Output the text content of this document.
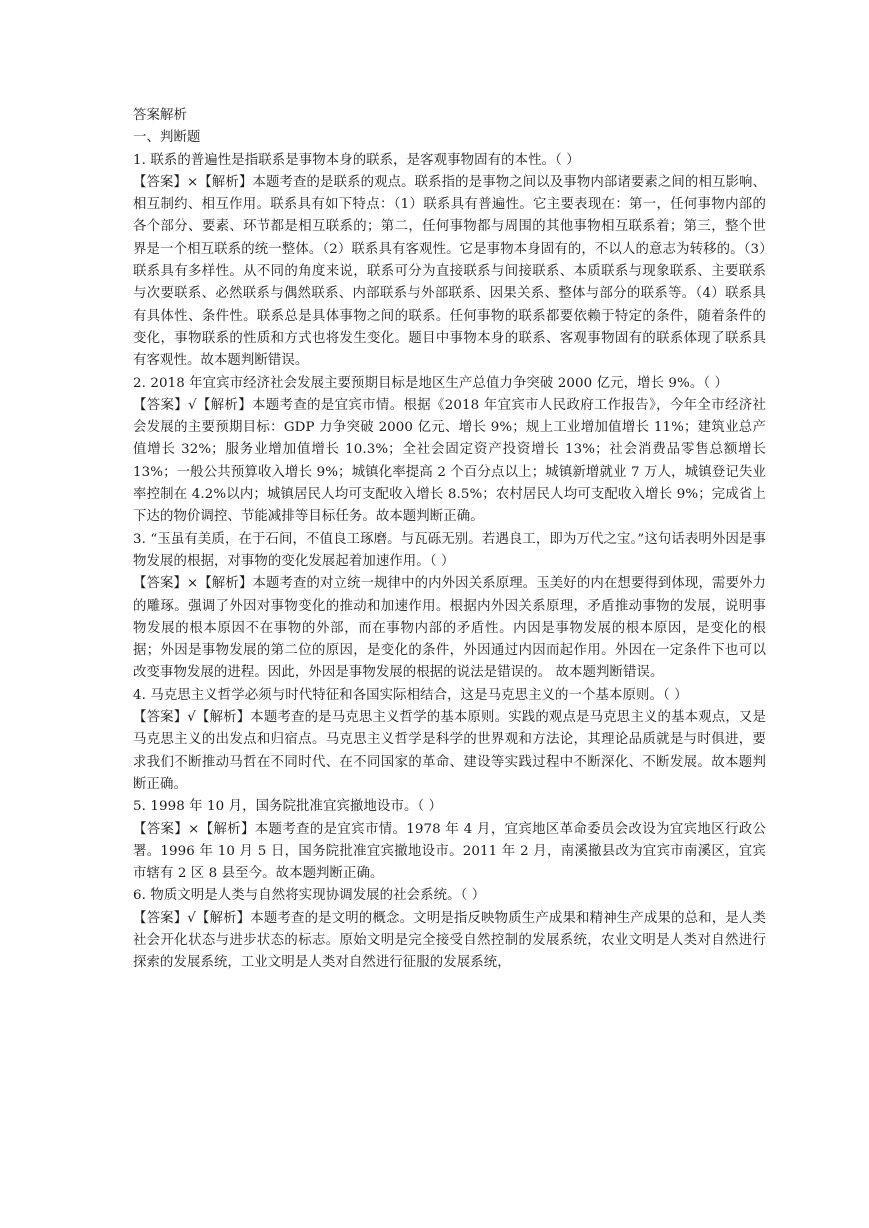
答案解析

一、判断题

1. 联系的普遍性是指联系是事物本身的联系，是客观事物固有的本性。（ ）

【答案】×【解析】本题考查的是联系的观点。联系指的是事物之间以及事物内部诸要素之间的相互影响、相互制约、相互作用。联系具有如下特点：（1）联系具有普遍性。它主要表现在：第一，任何事物内部的各个部分、要素、环节都是相互联系的；第二，任何事物都与周围的其他事物相互联系着；第三，整个世界是一个相互联系的统一整体。（2）联系具有客观性。它是事物本身固有的，不以人的意志为转移的。（3）联系具有多样性。从不同的角度来说，联系可分为直接联系与间接联系、本质联系与现象联系、主要联系与次要联系、必然联系与偶然联系、内部联系与外部联系、因果关系、整体与部分的联系等。（4）联系具有具体性、条件性。联系总是具体事物之间的联系。任何事物的联系都要依赖于特定的条件，随着条件的变化，事物联系的性质和方式也将发生变化。题目中事物本身的联系、客观事物固有的联系体现了联系具有客观性。故本题判断错误。

2. 2018 年宜宾市经济社会发展主要预期目标是地区生产总值力争突破 2000 亿元，增长 9%。（ ）

【答案】√【解析】本题考查的是宜宾市情。根据《2018 年宜宾市人民政府工作报告》，今年全市经济社会发展的主要预期目标：GDP 力争突破 2000 亿元、增长 9%；规上工业增加值增长 11%；建筑业总产值增长 32%；服务业增加值增长 10.3%；全社会固定资产投资增长 13%；社会消费品零售总额增长 13%；一般公共预算收入增长 9%；城镇化率提高 2 个百分点以上；城镇新增就业 7 万人，城镇登记失业率控制在 4.2%以内；城镇居民人均可支配收入增长 8.5%；农村居民人均可支配收入增长 9%；完成省上下达的物价调控、节能减排等目标任务。故本题判断正确。

3. “玉虽有美质，在于石间，不值良工琢磨。与瓦砾无别。若遇良工，即为万代之宝。”这句话表明外因是事物发展的根据，对事物的变化发展起着加速作用。（ ）

【答案】×【解析】本题考查的对立统一规律中的内外因关系原理。玉美好的内在想要得到体现，需要外力的雕琢。强调了外因对事物变化的推动和加速作用。根据内外因关系原理，矛盾推动事物的发展，说明事物发展的根本原因不在事物的外部，而在事物内部的矛盾性。内因是事物发展的根本原因，是变化的根据；外因是事物发展的第二位的原因，是变化的条件，外因通过内因而起作用。外因在一定条件下也可以改变事物发展的进程。因此，外因是事物发展的根据的说法是错误的。 故本题判断错误。

4. 马克思主义哲学必须与时代特征和各国实际相结合，这是马克思主义的一个基本原则。（ ）

【答案】√【解析】本题考查的是马克思主义哲学的基本原则。实践的观点是马克思主义的基本观点，又是马克思主义的出发点和归宿点。马克思主义哲学是科学的世界观和方法论，其理论品质就是与时俱进，要求我们不断推动马哲在不同时代、在不同国家的革命、建设等实践过程中不断深化、不断发展。故本题判断正确。

5. 1998 年 10 月，国务院批准宜宾撤地设市。（ ）

【答案】×【解析】本题考查的是宜宾市情。1978 年 4 月，宜宾地区革命委员会改设为宜宾地区行政公署。1996 年 10 月 5 日，国务院批准宜宾撤地设市。2011 年 2 月，南溪撤县改为宜宾市南溪区，宜宾市辖有 2 区 8 县至今。故本题判断正确。

6. 物质文明是人类与自然将实现协调发展的社会系统。（ ）

【答案】√【解析】本题考查的是文明的概念。文明是指反映物质生产成果和精神生产成果的总和，是人类社会开化状态与进步状态的标志。原始文明是完全接受自然控制的发展系统，农业文明是人类对自然进行探索的发展系统，工业文明是人类对自然进行征服的发展系统，
